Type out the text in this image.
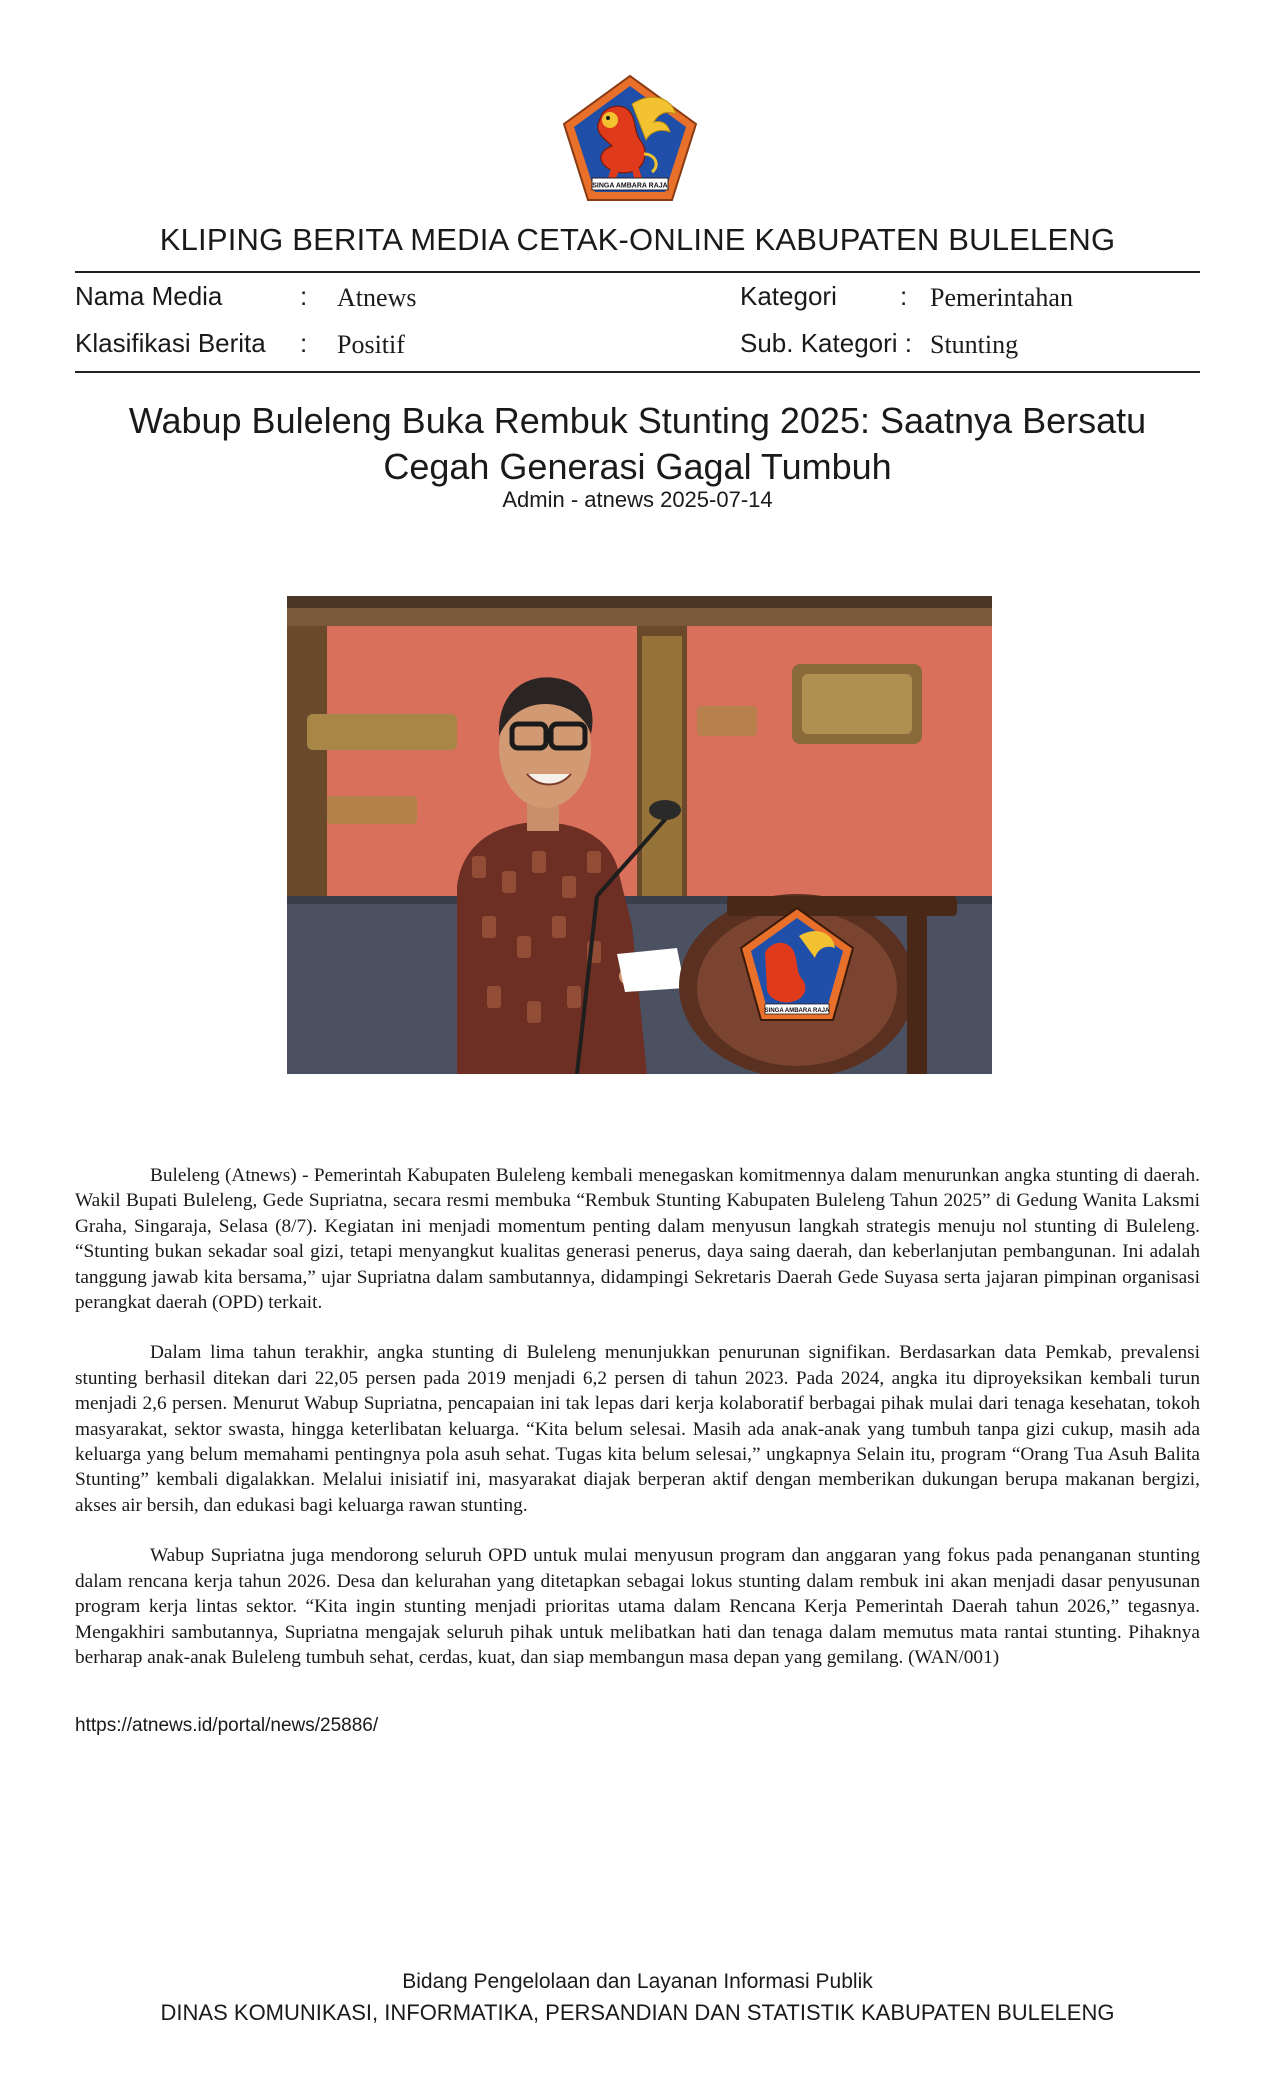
SINGA AMBARA RAJA
KLIPING BERITA MEDIA CETAK-ONLINE KABUPATEN BULELENG
Nama Media	: Atnews	Kategori : Pemerintahan
Klasifikasi Berita : Positif	Sub. Kategori : Stunting
Wabup Buleleng Buka Rembuk Stunting 2025: Saatnya Bersatu Cegah Generasi Gagal Tumbuh
Admin - atnews 2025-07-14
SINGA AMBARA RAJA

Buleleng (Atnews) - Pemerintah Kabupaten Buleleng kembali menegaskan komitmennya dalam menurunkan angka stunting di daerah. Wakil Bupati Buleleng, Gede Supriatna, secara resmi membuka “Rembuk Stunting Kabupaten Buleleng Tahun 2025” di Gedung Wanita Laksmi Graha, Singaraja, Selasa (8/7). Kegiatan ini menjadi momentum penting dalam menyusun langkah strategis menuju nol stunting di Buleleng. “Stunting bukan sekadar soal gizi, tetapi menyangkut kualitas generasi penerus, daya saing daerah, dan keberlanjutan pembangunan. Ini adalah tanggung jawab kita bersama,” ujar Supriatna dalam sambutannya, didampingi Sekretaris Daerah Gede Suyasa serta jajaran pimpinan organisasi perangkat daerah (OPD) terkait.

Dalam lima tahun terakhir, angka stunting di Buleleng menunjukkan penurunan signifikan. Berdasarkan data Pemkab, prevalensi stunting berhasil ditekan dari 22,05 persen pada 2019 menjadi 6,2 persen di tahun 2023. Pada 2024, angka itu diproyeksikan kembali turun menjadi 2,6 persen. Menurut Wabup Supriatna, pencapaian ini tak lepas dari kerja kolaboratif berbagai pihak mulai dari tenaga kesehatan, tokoh masyarakat, sektor swasta, hingga keterlibatan keluarga. “Kita belum selesai. Masih ada anak-anak yang tumbuh tanpa gizi cukup, masih ada keluarga yang belum memahami pentingnya pola asuh sehat. Tugas kita belum selesai,” ungkapnya Selain itu, program “Orang Tua Asuh Balita Stunting” kembali digalakkan. Melalui inisiatif ini, masyarakat diajak berperan aktif dengan memberikan dukungan berupa makanan bergizi, akses air bersih, dan edukasi bagi keluarga rawan stunting.

Wabup Supriatna juga mendorong seluruh OPD untuk mulai menyusun program dan anggaran yang fokus pada penanganan stunting dalam rencana kerja tahun 2026. Desa dan kelurahan yang ditetapkan sebagai lokus stunting dalam rembuk ini akan menjadi dasar penyusunan program kerja lintas sektor. “Kita ingin stunting menjadi prioritas utama dalam Rencana Kerja Pemerintah Daerah tahun 2026,” tegasnya. Mengakhiri sambutannya, Supriatna mengajak seluruh pihak untuk melibatkan hati dan tenaga dalam memutus mata rantai stunting. Pihaknya berharap anak-anak Buleleng tumbuh sehat, cerdas, kuat, dan siap membangun masa depan yang gemilang. (WAN/001)

https://atnews.id/portal/news/25886/
Bidang Pengelolaan dan Layanan Informasi Publik
DINAS KOMUNIKASI, INFORMATIKA, PERSANDIAN DAN STATISTIK KABUPATEN BULELENG
